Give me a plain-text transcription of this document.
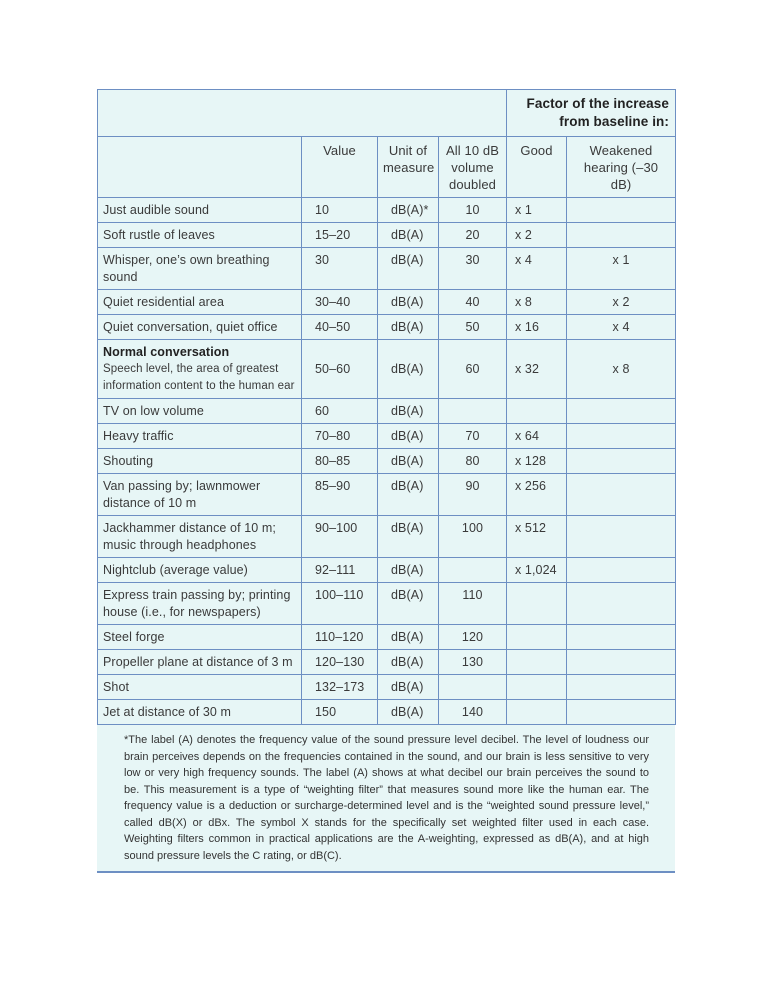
				Factor of the increase from baseline in:	
	Value	Unit of measure	All 10 dB volume doubled	Good	Weakened hearing (–30 dB)
Just audible sound	10	dB(A)*	10	x 1	
Soft rustle of leaves	15–20	dB(A)	20	x 2	
Whisper, one’s own breathing sound	30	dB(A)	30	x 4	x 1
Quiet residential area	30–40	dB(A)	40	x 8	x 2
Quiet conversation, quiet office	40–50	dB(A)	50	x 16	x 4

Normal conversation
Speech level, the area of greatest information content to the human ear	50–60	dB(A)	60	x 32	x 8
TV on low volume	60	dB(A)			
Heavy traffic	70–80	dB(A)	70	x 64	
Shouting	80–85	dB(A)	80	x 128	
Van passing by; lawnmower distance of 10 m	85–90	dB(A)	90	x 256	
Jackhammer distance of 10 m; music through headphones	90–100	dB(A)	100	x 512	
Nightclub (average value)	92–111	dB(A)		x 1,024	
Express train passing by; printing house (i.e., for newspapers)	100–110	dB(A)	110		
Steel forge	110–120	dB(A)	120		
Propeller plane at distance of 3 m	120–130	dB(A)	130		
Shot	132–173	dB(A)			
Jet at distance of 30 m	150	dB(A)	140		
*The label (A) denotes the frequency value of the sound pressure level decibel. The level of loudness our brain perceives depends on the frequencies contained in the sound, and our brain is less sensitive to very low or very high frequency sounds. The label (A) shows at what decibel our brain perceives the sound to be. This measurement is a type of “weighting filter” that measures sound more like the human ear. The frequency value is a deduction or surcharge-determined level and is the “weighted sound pressure level,” called dB(X) or dBx. The symbol X stands for the specifically set weighted filter used in each case. Weighting filters common in practical applications are the A-weighting, expressed as dB(A), and at high sound pressure levels the C rating, or dB(C).
